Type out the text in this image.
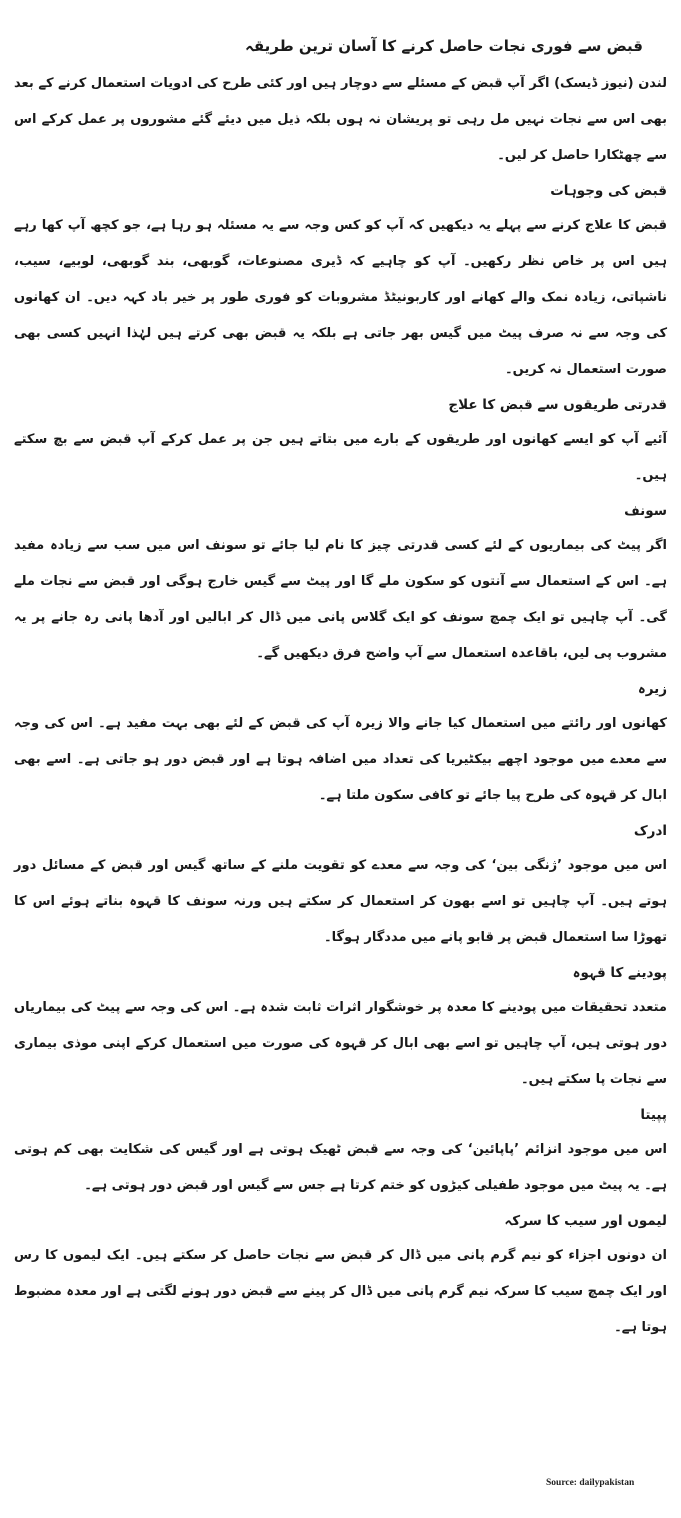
قبض سے فوری نجات حاصل کرنے کا آسان ترین طریقہ

لندن (نیوز ڈیسک) اگر آپ قبض کے مسئلے سے دوچار ہیں اور کئی طرح کی ادویات استعمال کرنے کے بعد بھی اس سے نجات نہیں مل رہی تو پریشان نہ ہوں بلکہ ذیل میں دیئے گئے مشوروں پر عمل کرکے اس سے چھٹکارا حاصل کر لیں۔

قبض کی وجوہات

قبض کا علاج کرنے سے پہلے یہ دیکھیں کہ آپ کو کس وجہ سے یہ مسئلہ ہو رہا ہے، جو کچھ آپ کھا رہے ہیں اس پر خاص نظر رکھیں۔ آپ کو چاہیے کہ ڈیری مصنوعات، گوبھی، بند گوبھی، لوبیے، سیب، ناشپاتی، زیادہ نمک والے کھانے اور کاربونیٹڈ مشروبات کو فوری طور پر خیر باد کہہ دیں۔ ان کھانوں کی وجہ سے نہ صرف پیٹ میں گیس بھر جاتی ہے بلکہ یہ قبض بھی کرتے ہیں لہٰذا انہیں کسی بھی صورت استعمال نہ کریں۔

قدرتی طریقوں سے قبض کا علاج

آئیے آپ کو ایسے کھانوں اور طریقوں کے بارے میں بتاتے ہیں جن پر عمل کرکے آپ قبض سے بچ سکتے ہیں۔

سونف

اگر پیٹ کی بیماریوں کے لئے کسی قدرتی چیز کا نام لیا جائے تو سونف اس میں سب سے زیادہ مفید ہے۔ اس کے استعمال سے آنتوں کو سکون ملے گا اور پیٹ سے گیس خارج ہوگی اور قبض سے نجات ملے گی۔ آپ چاہیں تو ایک چمچ سونف کو ایک گلاس پانی میں ڈال کر ابالیں اور آدھا پانی رہ جانے پر یہ مشروب پی لیں، باقاعدہ استعمال سے آپ واضح فرق دیکھیں گے۔

زیرہ

کھانوں اور رائتے میں استعمال کیا جانے والا زیرہ آپ کی قبض کے لئے بھی بہت مفید ہے۔ اس کی وجہ سے معدے میں موجود اچھے بیکٹیریا کی تعداد میں اضافہ ہوتا ہے اور قبض دور ہو جاتی ہے۔ اسے بھی ابال کر قہوہ کی طرح پیا جائے تو کافی سکون ملتا ہے۔

ادرک

اس میں موجود ’ژنگی بین‘ کی وجہ سے معدے کو تقویت ملنے کے ساتھ گیس اور قبض کے مسائل دور ہوتے ہیں۔ آپ چاہیں تو اسے بھون کر استعمال کر سکتے ہیں ورنہ سونف کا قہوہ بناتے ہوئے اس کا تھوڑا سا استعمال قبض پر قابو پانے میں مددگار ہوگا۔

پودینے کا قہوہ

متعدد تحقیقات میں پودینے کا معدہ پر خوشگوار اثرات ثابت شدہ ہے۔ اس کی وجہ سے پیٹ کی بیماریاں دور ہوتی ہیں، آپ چاہیں تو اسے بھی ابال کر قہوہ کی صورت میں استعمال کرکے اپنی موذی بیماری سے نجات پا سکتے ہیں۔

پپیتا

اس میں موجود انزائم ’پاپائین‘ کی وجہ سے قبض ٹھیک ہوتی ہے اور گیس کی شکایت بھی کم ہوتی ہے۔ یہ پیٹ میں موجود طفیلی کیڑوں کو ختم کرتا ہے جس سے گیس اور قبض دور ہوتی ہے۔

لیموں اور سیب کا سرکہ

ان دونوں اجزاء کو نیم گرم پانی میں ڈال کر قبض سے نجات حاصل کر سکتے ہیں۔ ایک لیموں کا رس اور ایک چمچ سیب کا سرکہ نیم گرم پانی میں ڈال کر پینے سے قبض دور ہونے لگتی ہے اور معدہ مضبوط ہوتا ہے۔

Source: dailypakistan
